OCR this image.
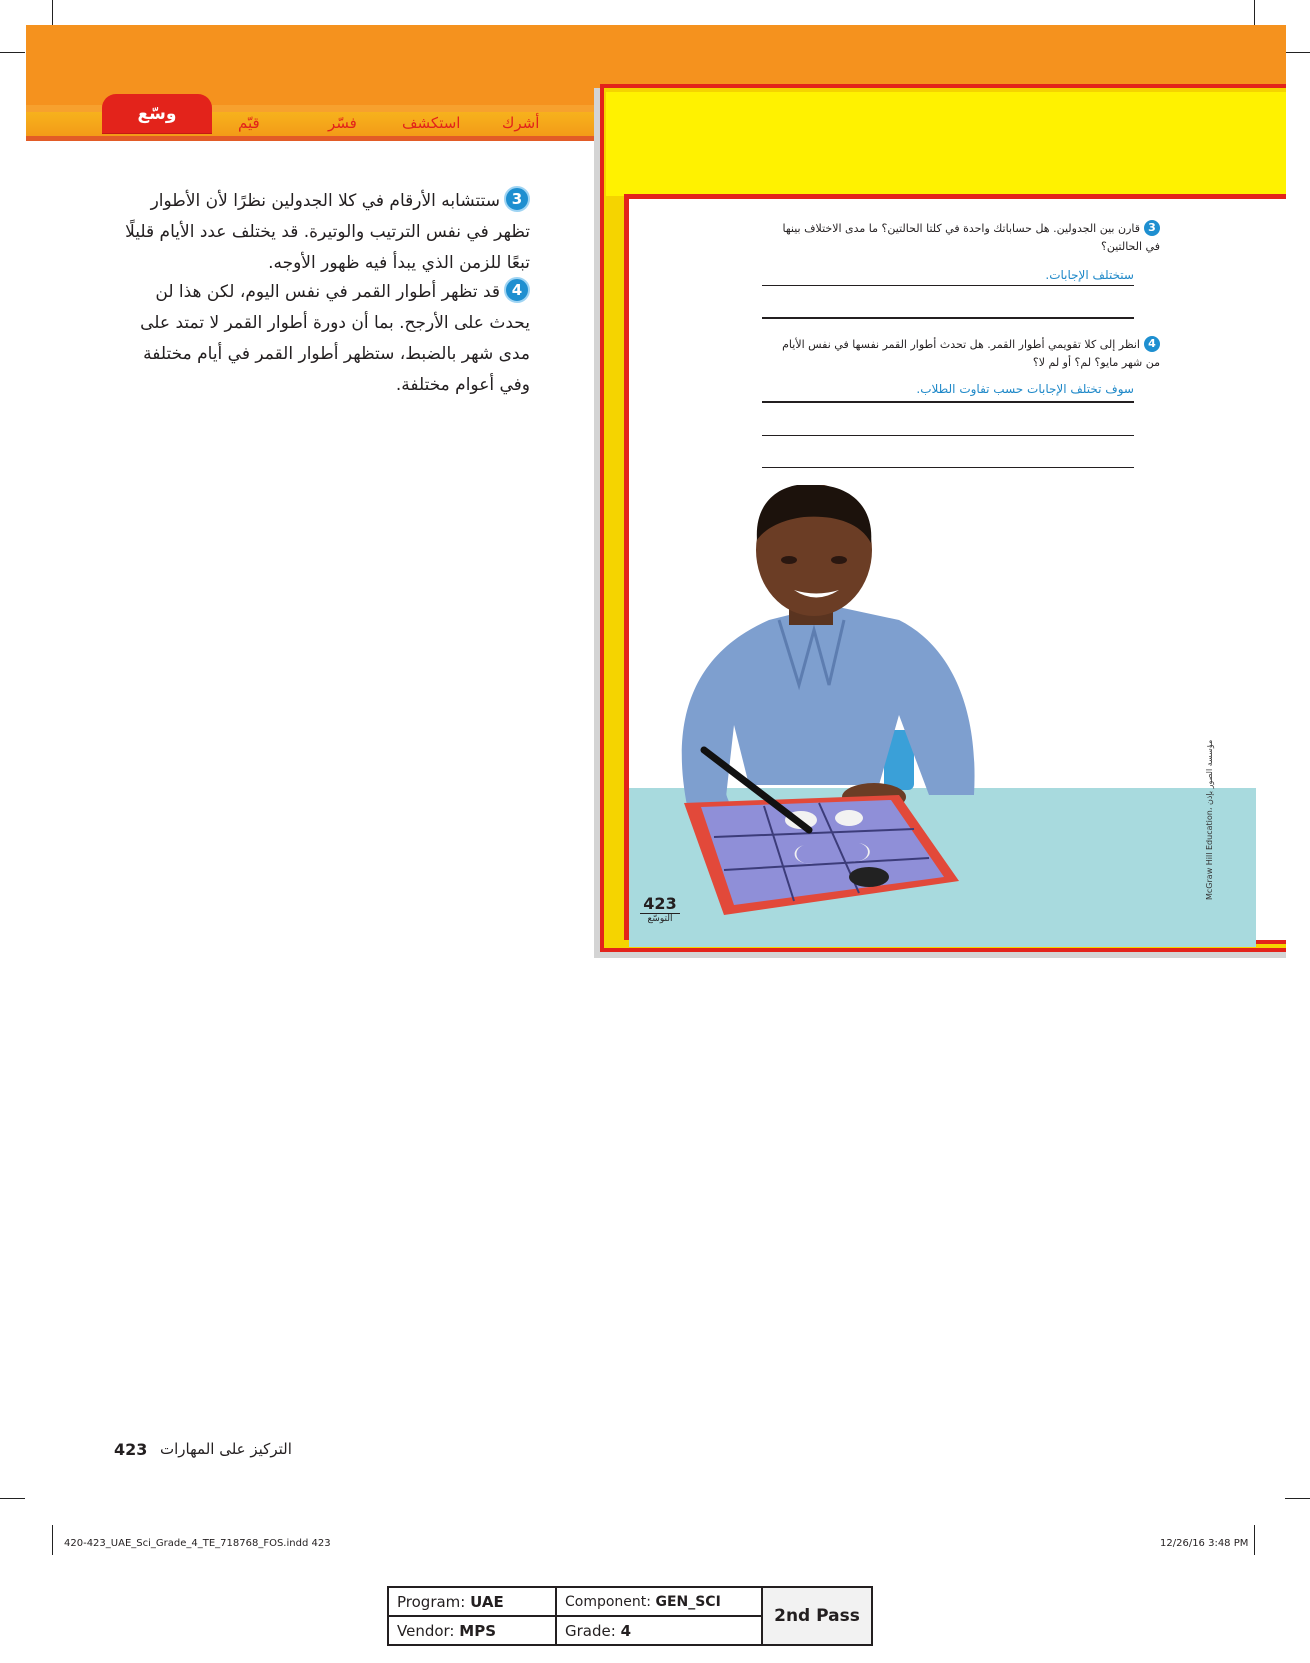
وسّع	قيّم	فسّر	استكشف	أشرك
3ستتشابه الأرقام في كلا الجدولين نظرًا لأن الأطوار تظهر في نفس الترتيب والوتيرة. قد يختلف عدد الأيام قليلًا تبعًا للزمن الذي يبدأ فيه ظهور الأوجه.
4قد تظهر أطوار القمر في نفس اليوم، لكن هذا لن يحدث على الأرجح. بما أن دورة أطوار القمر لا تمتد على مدى شهر بالضبط، ستظهر أطوار القمر في أيام مختلفة وفي أعوام مختلفة.
3قارن بين الجدولين. هل حساباتك واحدة في كلتا الحالتين؟ ما مدى الاختلاف بينها في الحالتين؟
ستختلف الإجابات.
4انظر إلى كلا تقويمي أطوار القمر. هل تحدث أطوار القمر نفسها في نفس الأيام من شهر مايو؟ لم؟ أو لم لا؟
سوف تختلف الإجابات حسب تفاوت الطلاب.
McGraw Hill Education، مؤسسة الصور بإذن
423
التوسّع
423 التركيز على المهارات
420-423_UAE_Sci_Grade_4_TE_718768_FOS.indd 423	12/26/16 3:48 PM
Program: UAE	Component: GEN_SCI	2nd Pass
Vendor: MPS	Grade: 4	
